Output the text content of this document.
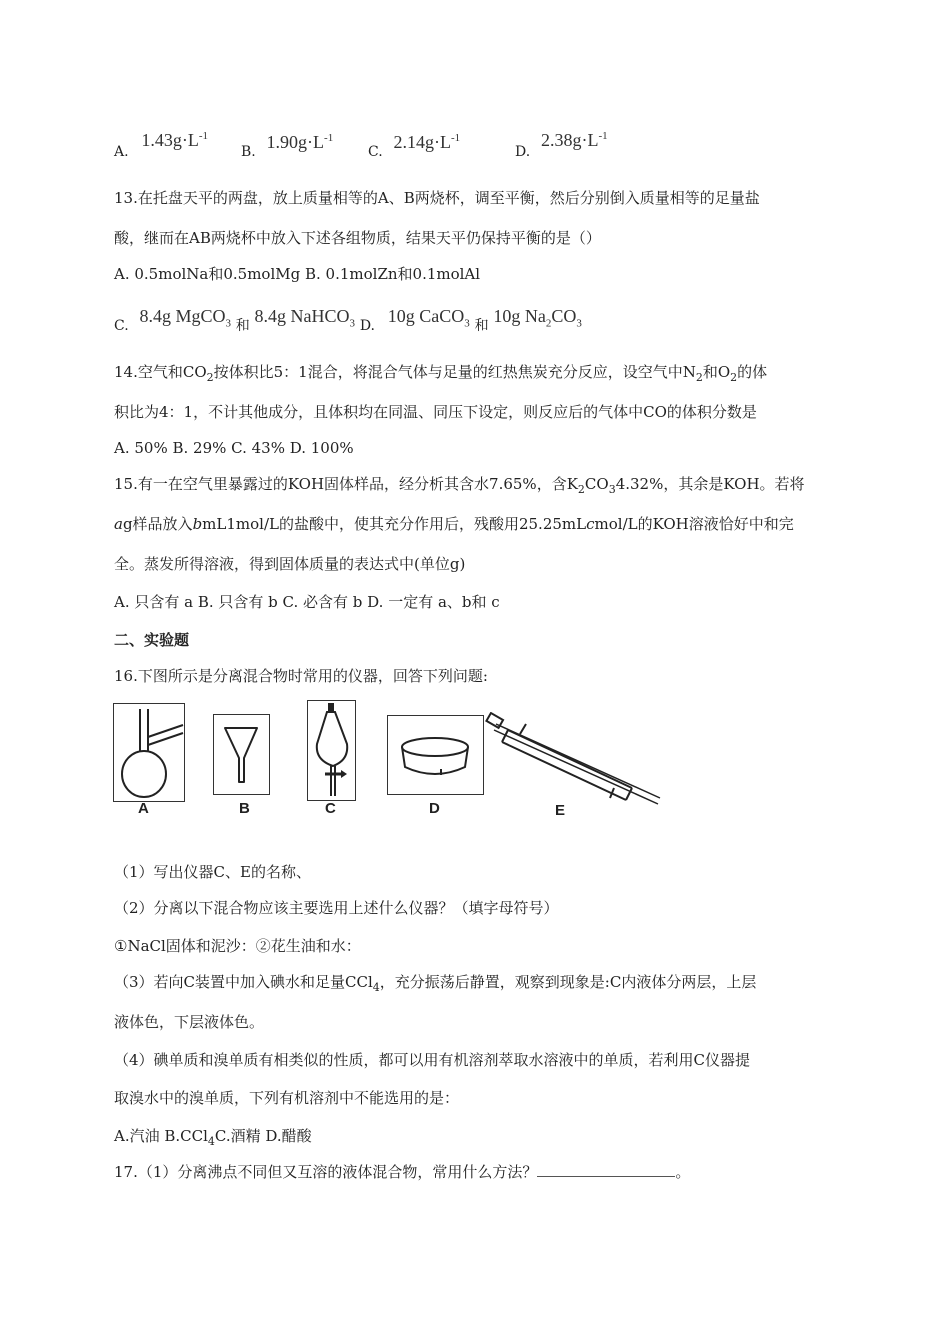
A. $1.43g\cdot L^{-1}$
B. $1.90g\cdot L^{-1}$
C. $2.14g\cdot L^{-1}$
D. $2.38g\cdot L^{-1}$
13.在托盘天平的两盘，放上质量相等的A、B两烧杯，调至平衡，然后分别倒入质量相等的足量盐
酸，继而在AB两烧杯中放入下述各组物质，结果天平仍保持平衡的是（）
A. 0.5molNa和0.5molMg B. 0.1molZn和0.1molAl
C. 8.4g MgCO$_3$ 和 8.4g NaHCO$_3$ D. 10g CaCO$_3$ 和 10g $Na_2CO_3$
14.空气和$CO_2$按体积比5：1混合，将混合气体与足量的红热焦炭充分反应，设空气中$N_2$和$O_2$的体
积比为4：1，不计其他成分，且体积均在同温、同压下设定，则反应后的气体中CO的体积分数是
A. 50% B. 29% C. 43% D. 100%
15.有一在空气里暴露过的KOH固体样品，经分析其含水7.65%，含$K_2CO_34.32\%$，其余是KOH。若将
ag样品放入bmL1mol/L的盐酸中，使其充分作用后，残酸用25.25mLcmol/L的KOH溶液恰好中和完
全。蒸发所得溶液，得到固体质量的表达式中(单位g)
A. 只含有 a B. 只含有 b C. 必含有 b D. 一定有 a、b和 c
二、实验题
16.下图所示是分离混合物时常用的仪器，回答下列问题:
A	B	C	D	E
（1）写出仪器C、E的名称、
（2）分离以下混合物应该主要选用上述什么仪器？（填字母符号）
①NaCl固体和泥沙：②花生油和水：
（3）若向C装置中加入碘水和足量CCl$_4$，充分振荡后静置，观察到现象是:C内液体分两层，上层
液体色，下层液体色。
（4）碘单质和溴单质有相类似的性质，都可以用有机溶剂萃取水溶液中的单质，若利用C仪器提
取溴水中的溴单质，下列有机溶剂中不能选用的是：
A.汽油 B.CCl$_4$C.酒精 D.醋酸
17.（1）分离沸点不同但又互溶的液体混合物，常用什么方法？	。
